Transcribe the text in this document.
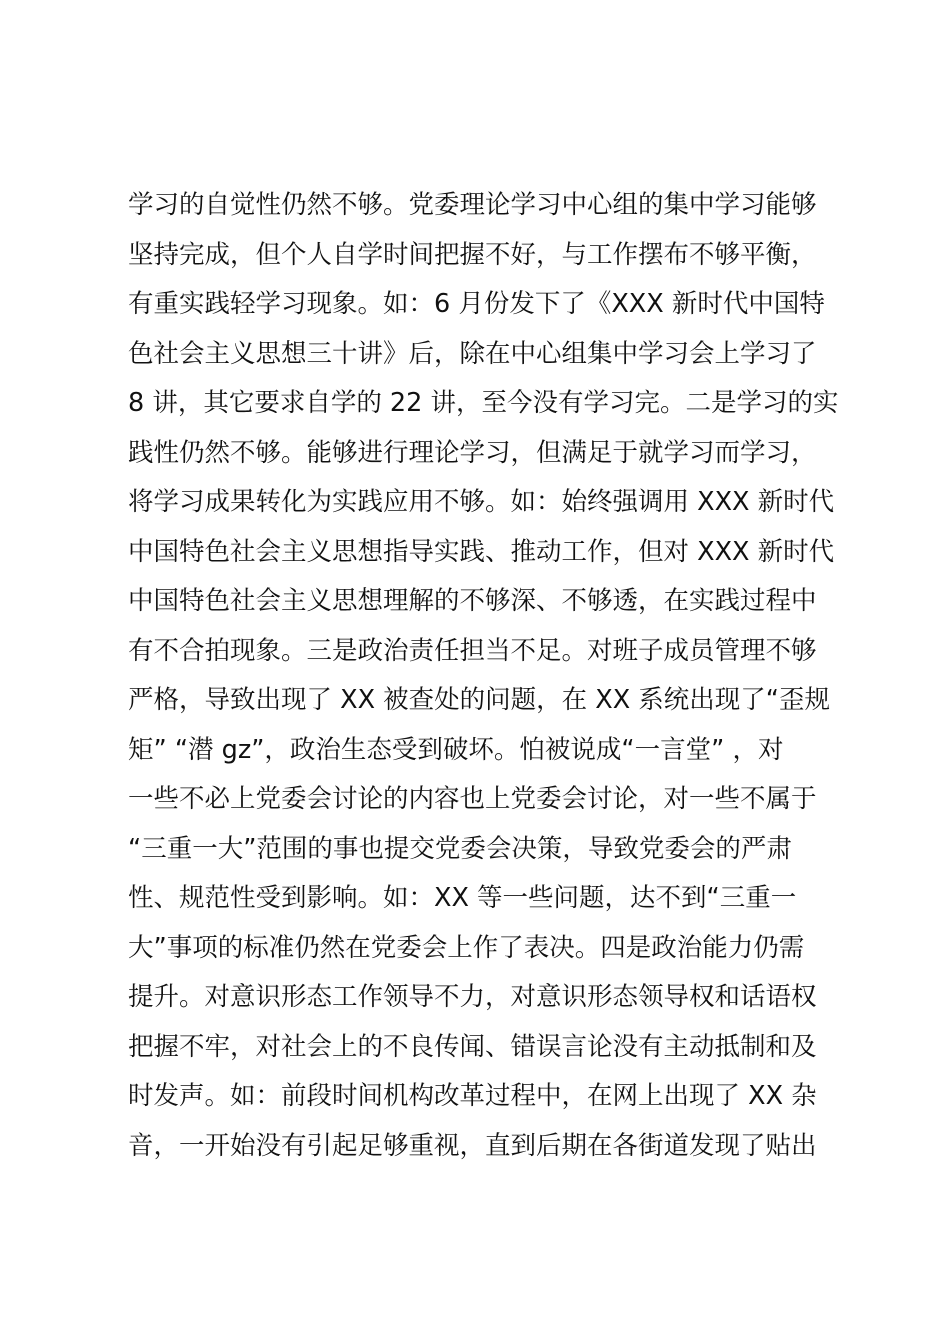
学习的自觉性仍然不够。党委理论学习中心组的集中学习能够
坚持完成，但个人自学时间把握不好，与工作摆布不够平衡，
有重实践轻学习现象。如：6 月份发下了《XXX 新时代中国特
色社会主义思想三十讲》后，除在中心组集中学习会上学习了
8 讲，其它要求自学的 22 讲，至今没有学习完。二是学习的实
践性仍然不够。能够进行理论学习，但满足于就学习而学习，
将学习成果转化为实践应用不够。如：始终强调用 XXX 新时代
中国特色社会主义思想指导实践、推动工作，但对 XXX 新时代
中国特色社会主义思想理解的不够深、不够透，在实践过程中
有不合拍现象。三是政治责任担当不足。对班子成员管理不够
严格，导致出现了 XX 被查处的问题，在 XX 系统出现了“歪规
矩” “潜 gz”，政治生态受到破坏。怕被说成“一言堂” ，对
一些不必上党委会讨论的内容也上党委会讨论，对一些不属于
“三重一大”范围的事也提交党委会决策，导致党委会的严肃
性、规范性受到影响。如：XX 等一些问题，达不到“三重一
大”事项的标准仍然在党委会上作了表决。四是政治能力仍需
提升。对意识形态工作领导不力，对意识形态领导权和话语权
把握不牢，对社会上的不良传闻、错误言论没有主动抵制和及
时发声。如：前段时间机构改革过程中，在网上出现了 XX 杂
音，一开始没有引起足够重视，直到后期在各街道发现了贴出
